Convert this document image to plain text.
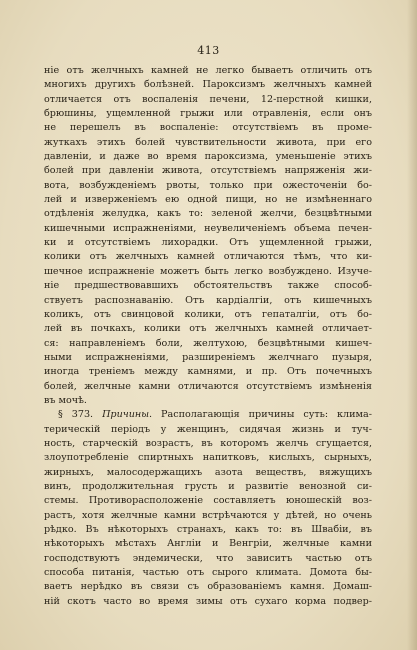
413
ніе отъ желчныхъ камней не легко бываетъ отличить отъ
многихъ другихъ болѣзней. Пароксизмъ желчныхъ камней
отличается отъ воспаленія печени, 12-перстной кишки,
брюшины, ущемленной грыжи или отравленія, если онъ
не перешелъ въ воспаленіе: отсутствіемъ въ проме-
жуткахъ этихъ болей чувствительности живота, при его
давленіи, и даже во время пароксизма, уменьшеніе этихъ
болей при давленіи живота, отсутствіемъ напряженія жи-
вота, возбужденіемъ рвоты, только при ожесточеніи бо-
лей и изверженіемъ ею одной пищи, но не измѣненнаго
отдѣленія желудка, какъ то: зеленой желчи, безцвѣтными
кишечными испражненіями, неувеличеніемъ объема печен-
ки и отсутствіемъ лихорадки. Отъ ущемленной грыжи,
колики отъ желчныхъ камней отличаются тѣмъ, что ки-
шечное испражненіе можетъ быть легко возбуждено. Изуче-
ніе предшествовавшихъ обстоятельствъ также способ-
ствуетъ распознаванію. Отъ кардіалгіи, отъ кишечныхъ
коликъ, отъ свинцовой колики, отъ гепаталгіи, отъ бо-
лей въ почкахъ, колики отъ желчныхъ камней отличает-
ся: направленіемъ боли, желтухою, безцвѣтными кишеч-
ными испражненіями, разширеніемъ желчнаго пузыря,
иногда треніемъ между камнями, и пр. Отъ почечныхъ
болей, желчные камни отличаются отсутствіемъ измѣненія
въ мочѣ.
§ 373. Причины. Располагающія причины суть: клима-
терическій періодъ у женщинъ, сидячая жизнь и туч-
ность, старческій возрастъ, въ которомъ желчь сгущается,
злоупотребленіе спиртныхъ напитковъ, кислыхъ, сырныхъ,
жирныхъ, малосодержащихъ азота веществъ, вяжущихъ
винъ, продолжительная грусть и развитіе венозной си-
стемы. Противорасположеніе составляетъ юношескій воз-
растъ, хотя желчные камни встрѣчаются у дѣтей, но очень
рѣдко. Въ нѣкоторыхъ странахъ, какъ то: въ Швабіи, въ
нѣкоторыхъ мѣстахъ Англіи и Венгріи, желчные камни
господствуютъ эндемически, что зависитъ частью отъ
способа питанія, частью отъ сырого климата. Домота бы-
ваетъ нерѣдко въ связи съ образованіемъ камня. Домаш-
ній скотъ часто во время зимы отъ сухаго корма подвер-
